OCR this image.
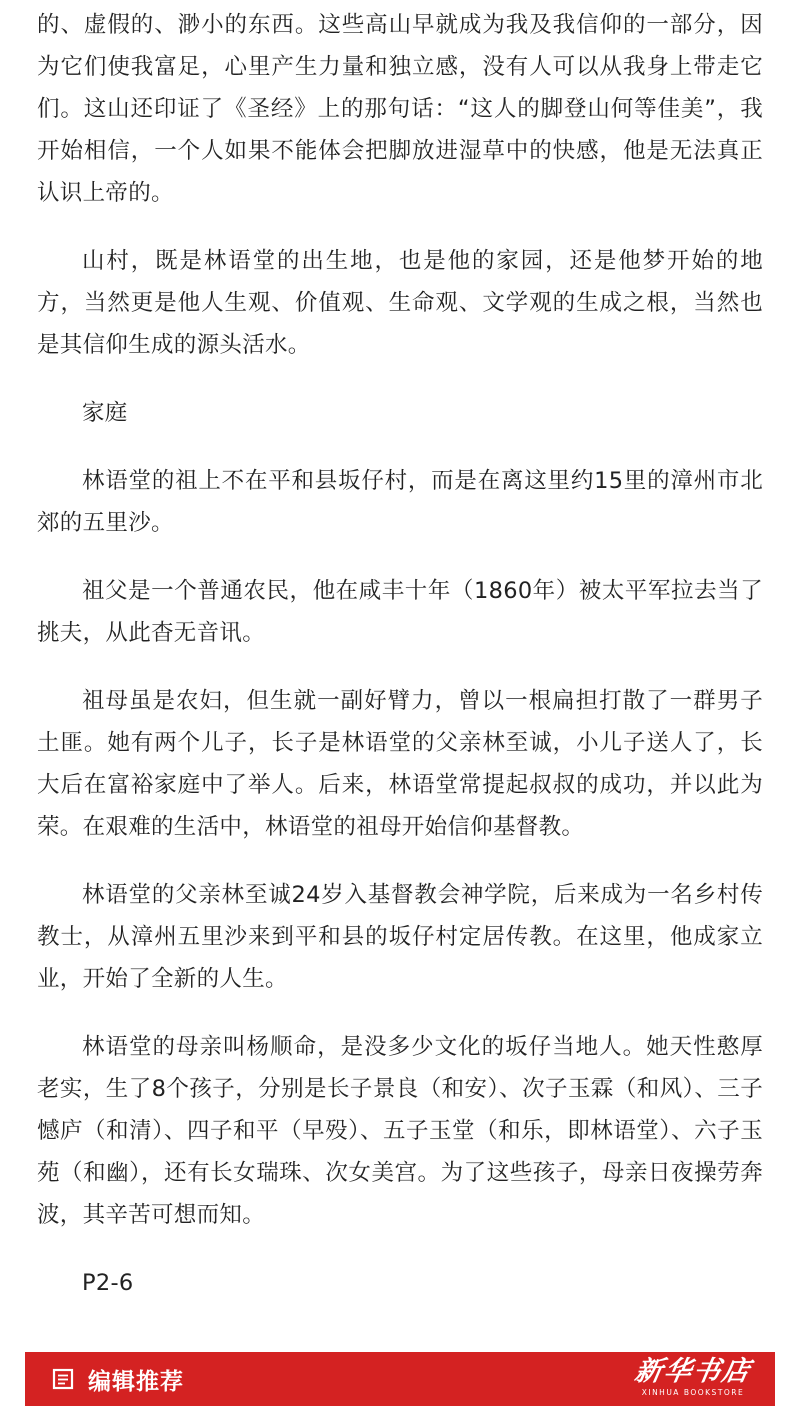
的、虚假的、渺小的东西。这些高山早就成为我及我信仰的一部分，因为它们使我富足，心里产生力量和独立感，没有人可以从我身上带走它们。这山还印证了《圣经》上的那句话：“这人的脚登山何等佳美”，我开始相信，一个人如果不能体会把脚放进湿草中的快感，他是无法真正认识上帝的。

山村，既是林语堂的出生地，也是他的家园，还是他梦开始的地方，当然更是他人生观、价值观、生命观、文学观的生成之根，当然也是其信仰生成的源头活水。

家庭

林语堂的祖上不在平和县坂仔村，而是在离这里约15里的漳州市北郊的五里沙。

祖父是一个普通农民，他在咸丰十年（1860年）被太平军拉去当了挑夫，从此杳无音讯。

祖母虽是农妇，但生就一副好臂力，曾以一根扁担打散了一群男子土匪。她有两个儿子，长子是林语堂的父亲林至诚，小儿子送人了，长大后在富裕家庭中了举人。后来，林语堂常提起叔叔的成功，并以此为荣。在艰难的生活中，林语堂的祖母开始信仰基督教。

林语堂的父亲林至诚24岁入基督教会神学院，后来成为一名乡村传教士，从漳州五里沙来到平和县的坂仔村定居传教。在这里，他成家立业，开始了全新的人生。

林语堂的母亲叫杨顺命，是没多少文化的坂仔当地人。她天性憨厚老实，生了8个孩子，分别是长子景良（和安）、次子玉霖（和风）、三子憾庐（和清）、四子和平（早殁）、五子玉堂（和乐，即林语堂）、六子玉苑（和幽），还有长女瑞珠、次女美宫。为了这些孩子，母亲日夜操劳奔波，其辛苦可想而知。

P2-6

编辑推荐	新华书店
XINHUA BOOKSTORE
